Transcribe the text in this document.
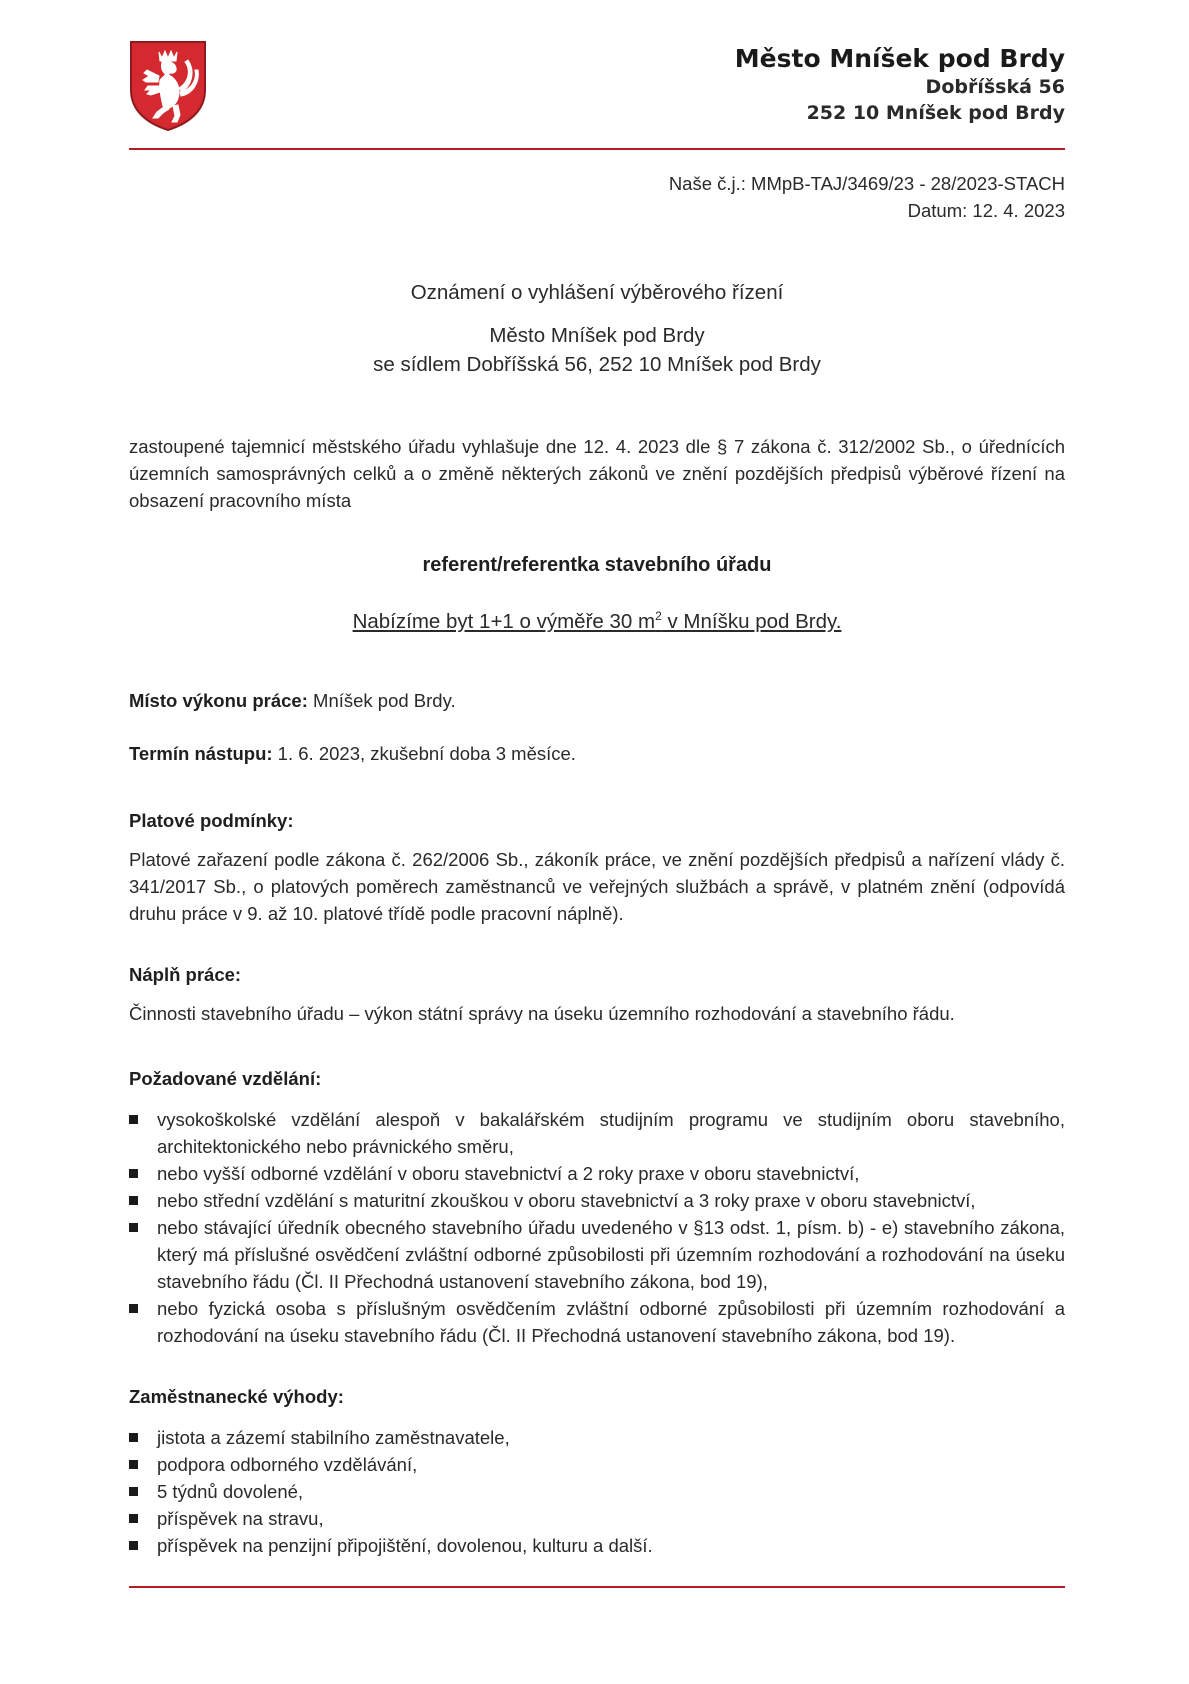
Město Mníšek pod Brdy
Dobříšská 56
252 10 Mníšek pod Brdy
Naše č.j.: MMpB-TAJ/3469/23 - 28/2023-STACH
Datum: 12. 4. 2023
Oznámení o vyhlášení výběrového řízení
Město Mníšek pod Brdy
se sídlem Dobříšská 56, 252 10 Mníšek pod Brdy
zastoupené tajemnicí městského úřadu vyhlašuje dne 12. 4. 2023 dle § 7 zákona č. 312/2002 Sb., o úřednících územních samosprávných celků a o změně některých zákonů ve znění pozdějších předpisů výběrové řízení na obsazení pracovního místa
referent/referentka stavebního úřadu
Nabízíme byt 1+1 o výměře 30 $m^2$ v Mníšku pod Brdy.
Místo výkonu práce: Mníšek pod Brdy.
Termín nástupu: 1. 6. 2023, zkušební doba 3 měsíce.
Platové podmínky:
Platové zařazení podle zákona č. 262/2006 Sb., zákoník práce, ve znění pozdějších předpisů a nařízení vlády č. 341/2017 Sb., o platových poměrech zaměstnanců ve veřejných službách a správě, v platném znění (odpovídá druhu práce v 9. až 10. platové třídě podle pracovní náplně).
Náplň práce:
Činnosti stavebního úřadu – výkon státní správy na úseku územního rozhodování a stavebního řádu.
Požadované vzdělání:
vysokoškolské vzdělání alespoň v bakalářském studijním programu ve studijním oboru stavebního, architektonického nebo právnického směru,
nebo vyšší odborné vzdělání v oboru stavebnictví a 2 roky praxe v oboru stavebnictví,
nebo střední vzdělání s maturitní zkouškou v oboru stavebnictví a 3 roky praxe v oboru stavebnictví,
nebo stávající úředník obecného stavebního úřadu uvedeného v §13 odst. 1, písm. b) - e) stavebního zákona, který má příslušné osvědčení zvláštní odborné způsobilosti při územním rozhodování a rozhodování na úseku stavebního řádu (Čl. II Přechodná ustanovení stavebního zákona, bod 19),
nebo fyzická osoba s příslušným osvědčením zvláštní odborné způsobilosti při územním rozhodování a rozhodování na úseku stavebního řádu (Čl. II Přechodná ustanovení stavebního zákona, bod 19).
Zaměstnanecké výhody:
jistota a zázemí stabilního zaměstnavatele,
podpora odborného vzdělávání,
5 týdnů dovolené,
příspěvek na stravu,
příspěvek na penzijní připojištění, dovolenou, kulturu a další.
